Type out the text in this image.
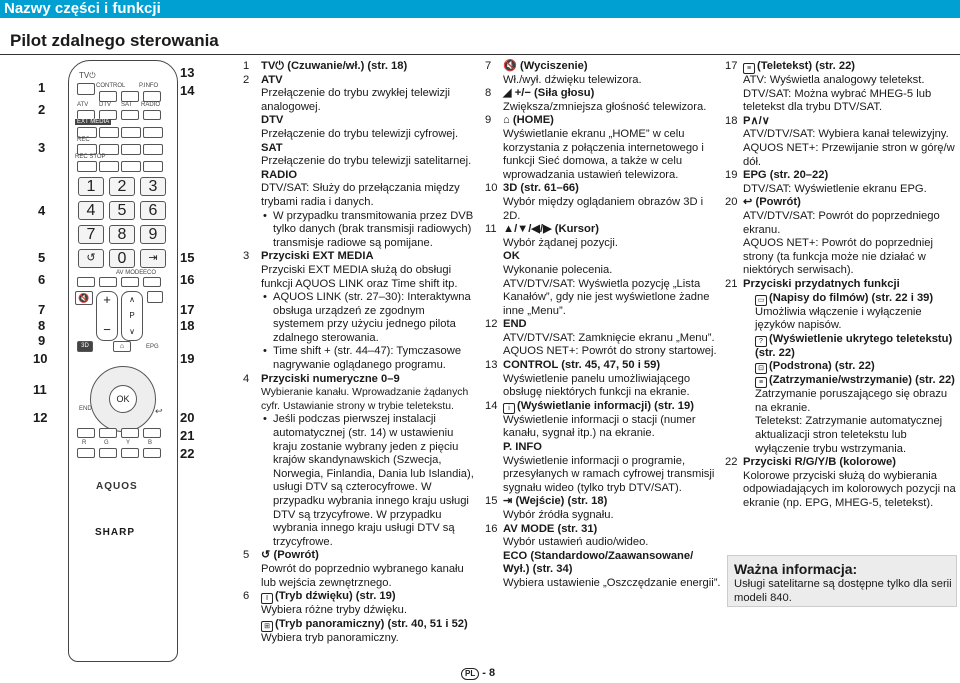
Nazwy części i funkcji
Pilot zdalnego sterowania
1
2
3
4
5
6
7
8
9
10
11
12
13
14
15
16
17
18
19
20
21
22
TV⏻
CONTROL P.INFO
ATV DTV SAT RADIO
EXT MEDIA
REC
REC STOP
1	2	3
4	5	6
7	8	9
↺	0	⇥
AV MODE ECO
🔇	+

−
∧
P
∨
3D	⌂	EPG
OK
END	↩
R	G	Y	B
AQUOS
SHARP
1 TV⏻ (Czuwanie/wł.) (str. 18)
2 ATV
Przełączenie do trybu zwykłej telewizji analogowej.
DTV
Przełączenie do trybu telewizji cyfrowej.
SAT
Przełączenie do trybu telewizji satelitarnej.
RADIO
DTV/SAT: Służy do przełączania między trybami radia i danych.
• W przypadku transmitowania przez DVB tylko danych (brak transmisji radiowych) transmisje radiowe są pomijane.
3 Przyciski EXT MEDIA
Przyciski EXT MEDIA służą do obsługi funkcji AQUOS LINK oraz Time shift itp.
• AQUOS LINK (str. 27–30): Interaktywna obsługa urządzeń ze zgodnym systemem przy użyciu jednego pilota zdalnego sterowania.
• Time shift + (str. 44–47): Tymczasowe nagrywanie oglądanego programu.
4 Przyciski numeryczne 0–9
Wybieranie kanału. Wprowadzanie żądanych cyfr. Ustawianie strony w trybie teletekstu.
• Jeśli podczas pierwszej instalacji automatycznej (str. 14) w ustawieniu kraju zostanie wybrany jeden z pięciu krajów skandynawskich (Szwecja, Norwegia, Finlandia, Dania lub Islandia), usługi DTV są czterocyfrowe. W przypadku wybrania innego kraju usługi DTV są trzycyfrowe. W przypadku wybrania innego kraju usługi DTV są trzycyfrowe.
5 ↺ (Powrót)
Powrót do poprzednio wybranego kanału lub wejścia zewnętrznego.
6	Ⅰ (Tryb dźwięku) (str. 19)
Wybiera różne tryby dźwięku.
⊞ (Tryb panoramiczny) (str. 40, 51 i 52)
Wybiera tryb panoramiczny.
7 🔇 (Wyciszenie)
Wł./wył. dźwięku telewizora.
8 ◢ +/− (Siła głosu)
Zwiększa/zmniejsza głośność telewizora.
9 ⌂ (HOME)
Wyświetlanie ekranu „HOME” w celu korzystania z połączenia internetowego i funkcji Sieć domowa, a także w celu wprowadzania ustawień telewizora.
10 3D (str. 61–66)
Wybór między oglądaniem obrazów 3D i 2D.
11 ▲/▼/◀/▶ (Kursor)
Wybór żądanej pozycji.
OK
Wykonanie polecenia.
ATV/DTV/SAT: Wyświetla pozycję „Lista Kanałów”, gdy nie jest wyświetlone żadne inne „Menu”.
12 END
ATV/DTV/SAT: Zamknięcie ekranu „Menu”.
AQUOS NET+: Powrót do strony startowej.
13 CONTROL (str. 45, 47, 50 i 59)
Wyświetlenie panelu umożliwiającego obsługę niektórych funkcji na ekranie.
14	i (Wyświetlanie informacji) (str. 19)
Wyświetlenie informacji o stacji (numer kanału, sygnał itp.) na ekranie.
P. INFO
Wyświetlenie informacji o programie, przesyłanych w ramach cyfrowej transmisji sygnału wideo (tylko tryb DTV/SAT).
15 ⇥ (Wejście) (str. 18)
Wybór źródła sygnału.
16 AV MODE (str. 31)
Wybór ustawień audio/wideo.
ECO (Standardowo/Zaawansowane/ Wył.) (str. 34)
Wybiera ustawienie „Oszczędzanie energii”.
17	≡ (Teletekst) (str. 22)
ATV: Wyświetla analogowy teletekst. DTV/SAT: Można wybrać MHEG-5 lub teletekst dla trybu DTV/SAT.
18 P∧/∨
ATV/DTV/SAT: Wybiera kanał telewizyjny.
AQUOS NET+: Przewijanie stron w górę/w dół.
19 EPG (str. 20–22)
DTV/SAT: Wyświetlenie ekranu EPG.
20 ↩ (Powrót)
ATV/DTV/SAT: Powrót do poprzedniego ekranu.
AQUOS NET+: Powrót do poprzedniej strony (ta funkcja może nie działać w niektórych serwisach).
21 Przyciski przydatnych funkcji
▭ (Napisy do filmów) (str. 22 i 39)
Umożliwia włączenie i wyłączenie języków napisów.
? (Wyświetlenie ukrytego teletekstu) (str. 22)
⊡ (Podstrona) (str. 22)
≡ (Zatrzymanie/wstrzymanie) (str. 22)
Zatrzymanie poruszającego się obrazu na ekranie.
Teletekst: Zatrzymanie automatycznej aktualizacji stron teletekstu lub wyłączenie trybu wstrzymania.
22 Przyciski R/G/Y/B (kolorowe)
Kolorowe przyciski służą do wybierania odpowiadających im kolorowych pozycji na ekranie (np. EPG, MHEG-5, teletekst).
Ważna informacja:
Usługi satelitarne są dostępne tylko dla serii modeli 840.
PL - 8
